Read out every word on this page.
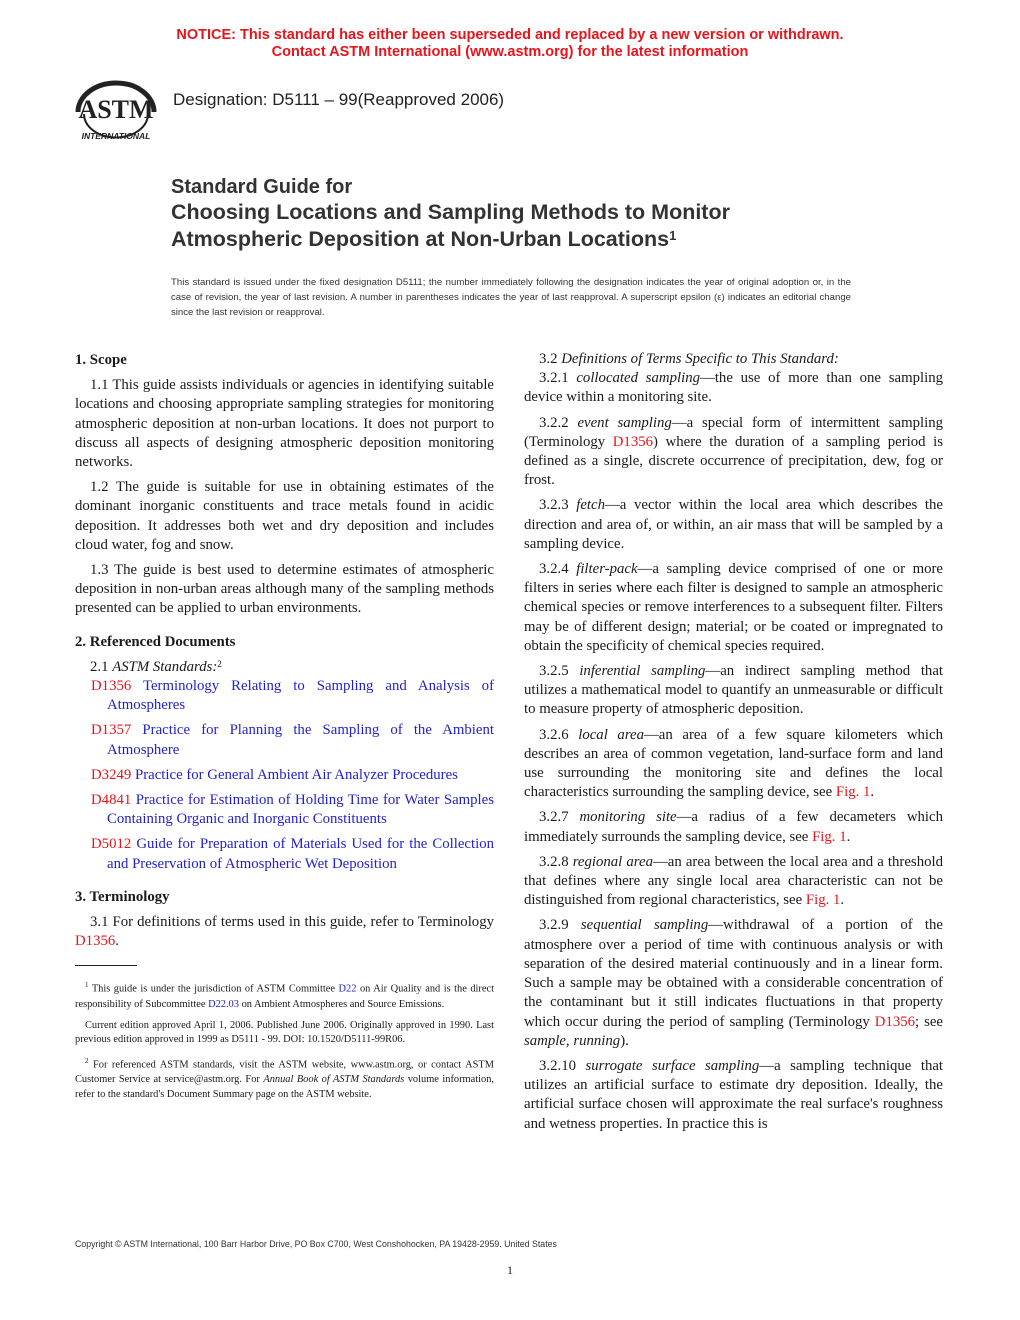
NOTICE: This standard has either been superseded and replaced by a new version or withdrawn.
Contact ASTM International (www.astm.org) for the latest information
ASTM
INTERNATIONAL
Designation: D5111 – 99(Reapproved 2006)
Standard Guide for
Choosing Locations and Sampling Methods to Monitor
Atmospheric Deposition at Non-Urban Locations$^1$
This standard is issued under the fixed designation D5111; the number immediately following the designation indicates the year of original adoption or, in the case of revision, the year of last revision. A number in parentheses indicates the year of last reapproval. A superscript epsilon (ε) indicates an editorial change since the last revision or reapproval.
1. Scope

1.1 This guide assists individuals or agencies in identifying suitable locations and choosing appropriate sampling strategies for monitoring atmospheric deposition at non-urban locations. It does not purport to discuss all aspects of designing atmospheric deposition monitoring networks.

1.2 The guide is suitable for use in obtaining estimates of the dominant inorganic constituents and trace metals found in acidic deposition. It addresses both wet and dry deposition and includes cloud water, fog and snow.

1.3 The guide is best used to determine estimates of atmospheric deposition in non-urban areas although many of the sampling methods presented can be applied to urban environments.

2. Referenced Documents

2.1 ASTM Standards:$^2$

D1356 Terminology Relating to Sampling and Analysis of Atmospheres

D1357 Practice for Planning the Sampling of the Ambient Atmosphere

D3249 Practice for General Ambient Air Analyzer Procedures

D4841 Practice for Estimation of Holding Time for Water Samples Containing Organic and Inorganic Constituents

D5012 Guide for Preparation of Materials Used for the Collection and Preservation of Atmospheric Wet Deposition

3. Terminology

3.1 For definitions of terms used in this guide, refer to Terminology D1356.

$^1$ This guide is under the jurisdiction of ASTM Committee D22 on Air Quality and is the direct responsibility of Subcommittee D22.03 on Ambient Atmospheres and Source Emissions.

Current edition approved April 1, 2006. Published June 2006. Originally approved in 1990. Last previous edition approved in 1999 as D5111 - 99. DOI: 10.1520/D5111-99R06.

$^2$ For referenced ASTM standards, visit the ASTM website, www.astm.org, or contact ASTM Customer Service at service@astm.org. For Annual Book of ASTM Standards volume information, refer to the standard's Document Summary page on the ASTM website.

3.2 Definitions of Terms Specific to This Standard:

3.2.1 collocated sampling—the use of more than one sampling device within a monitoring site.

3.2.2 event sampling—a special form of intermittent sampling (Terminology D1356) where the duration of a sampling period is defined as a single, discrete occurrence of precipitation, dew, fog or frost.

3.2.3 fetch—a vector within the local area which describes the direction and area of, or within, an air mass that will be sampled by a sampling device.

3.2.4 filter-pack—a sampling device comprised of one or more filters in series where each filter is designed to sample an atmospheric chemical species or remove interferences to a subsequent filter. Filters may be of different design; material; or be coated or impregnated to obtain the specificity of chemical species required.

3.2.5 inferential sampling—an indirect sampling method that utilizes a mathematical model to quantify an unmeasurable or difficult to measure property of atmospheric deposition.

3.2.6 local area—an area of a few square kilometers which describes an area of common vegetation, land-surface form and land use surrounding the monitoring site and defines the local characteristics surrounding the sampling device, see Fig. 1.

3.2.7 monitoring site—a radius of a few decameters which immediately surrounds the sampling device, see Fig. 1.

3.2.8 regional area—an area between the local area and a threshold that defines where any single local area characteristic can not be distinguished from regional characteristics, see Fig. 1.

3.2.9 sequential sampling—withdrawal of a portion of the atmosphere over a period of time with continuous analysis or with separation of the desired material continuously and in a linear form. Such a sample may be obtained with a considerable concentration of the contaminant but it still indicates fluctuations in that property which occur during the period of sampling (Terminology D1356; see sample, running).

3.2.10 surrogate surface sampling—a sampling technique that utilizes an artificial surface to estimate dry deposition. Ideally, the artificial surface chosen will approximate the real surface's roughness and wetness properties. In practice this is

Copyright © ASTM International, 100 Barr Harbor Drive, PO Box C700, West Conshohocken, PA 19428-2959. United States
1
